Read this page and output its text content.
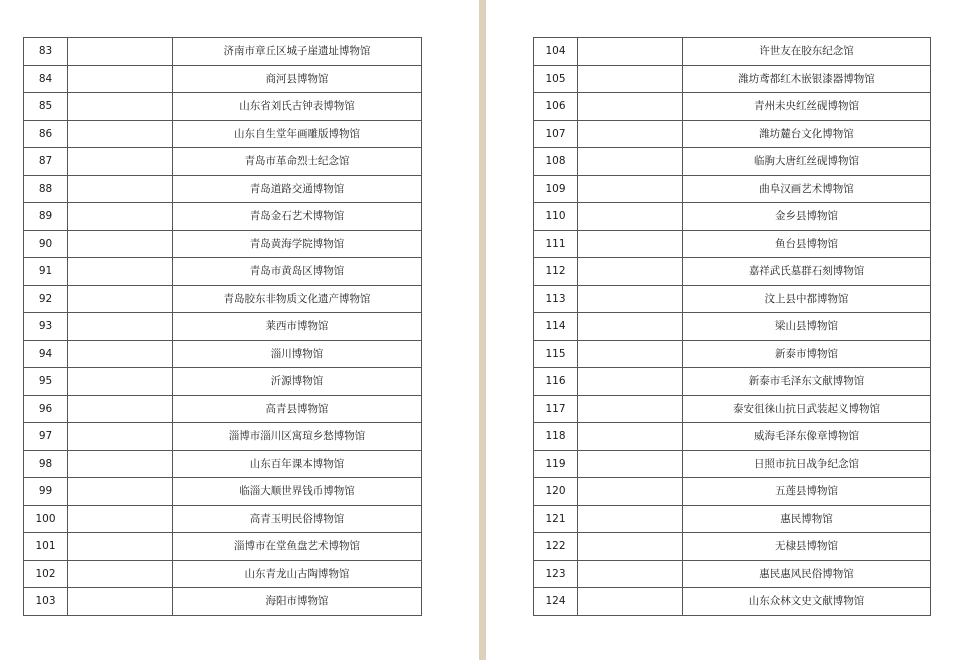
83		济南市章丘区城子崖遗址博物馆
84		商河县博物馆
85		山东省刘氏古钟表博物馆
86		山东自生堂年画雕版博物馆
87		青岛市革命烈士纪念馆
88		青岛道路交通博物馆
89		青岛金石艺术博物馆
90		青岛黄海学院博物馆
91		青岛市黄岛区博物馆
92		青岛胶东非物质文化遗产博物馆
93		莱西市博物馆
94		淄川博物馆
95		沂源博物馆
96		高青县博物馆
97		淄博市淄川区寓瑄乡愁博物馆
98		山东百年课本博物馆
99		临淄大顺世界钱币博物馆
100		高青玉明民俗博物馆
101		淄博市在堂鱼盘艺术博物馆
102		山东青龙山古陶博物馆
103		海阳市博物馆
104		许世友在胶东纪念馆
105		潍坊鸢都红木嵌银漆器博物馆
106		青州未央红丝砚博物馆
107		潍坊麓台文化博物馆
108		临朐大唐红丝砚博物馆
109		曲阜汉画艺术博物馆
110		金乡县博物馆
111		鱼台县博物馆
112		嘉祥武氏墓群石刻博物馆
113		汶上县中都博物馆
114		梁山县博物馆
115		新泰市博物馆
116		新泰市毛泽东文献博物馆
117		泰安徂徕山抗日武装起义博物馆
118		威海毛泽东像章博物馆
119		日照市抗日战争纪念馆
120		五莲县博物馆
121		惠民博物馆
122		无棣县博物馆
123		惠民惠风民俗博物馆
124		山东众林文史文献博物馆
